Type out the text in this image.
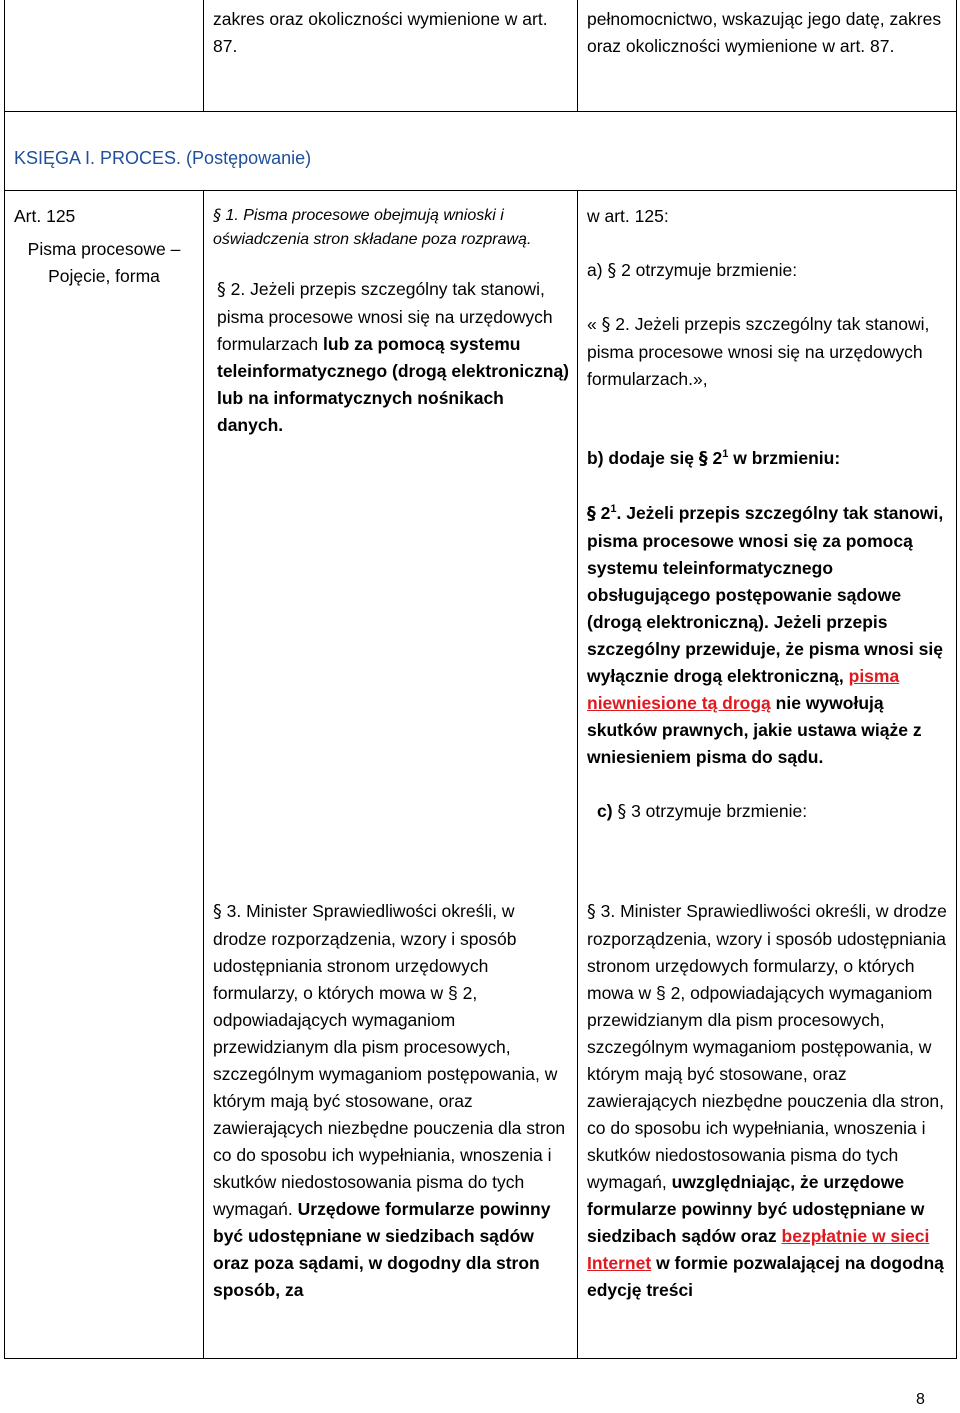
zakres oraz okoliczności wymienione w art. 87.

pełnomocnictwo, wskazując jego datę, zakres oraz okoliczności wymienione w art. 87.

KSIĘGA I. PROCES. (Postępowanie)

Art. 125

Pisma procesowe – Pojęcie, forma

§ 1. Pisma procesowe obejmują wnioski i oświadczenia stron składane poza rozprawą.

§ 2. Jeżeli przepis szczególny tak stanowi, pisma procesowe wnosi się na urzędowych formularzach lub za pomocą systemu teleinformatycznego (drogą elektroniczną) lub na informatycznych nośnikach danych.

§ 3. Minister Sprawiedliwości określi, w drodze rozporządzenia, wzory i sposób udostępniania stronom urzędowych formularzy, o których mowa w § 2, odpowiadających wymaganiom przewidzianym dla pism procesowych, szczególnym wymaganiom postępowania, w którym mają być stosowane, oraz zawierających niezbędne pouczenia dla stron co do sposobu ich wypełniania, wnoszenia i skutków niedostosowania pisma do tych wymagań. Urzędowe formularze powinny być udostępniane w siedzibach sądów oraz poza sądami, w dogodny dla stron sposób, za

w art. 125:

a) § 2 otrzymuje brzmienie:

« § 2. Jeżeli przepis szczególny tak stanowi, pisma procesowe wnosi się na urzędowych formularzach.»,

b) dodaje się § $2^1$ w brzmieniu:

§ $2^1$. Jeżeli przepis szczególny tak stanowi, pisma procesowe wnosi się za pomocą systemu teleinformatycznego obsługującego postępowanie sądowe (drogą elektroniczną). Jeżeli przepis szczególny przewiduje, że pisma wnosi się wyłącznie drogą elektroniczną, pisma niewniesione tą drogą nie wywołują skutków prawnych, jakie ustawa wiąże z wniesieniem pisma do sądu.

c) § 3 otrzymuje brzmienie:

§ 3. Minister Sprawiedliwości określi, w drodze rozporządzenia, wzory i sposób udostępniania stronom urzędowych formularzy, o których mowa w § 2, odpowiadających wymaganiom przewidzianym dla pism procesowych, szczególnym wymaganiom postępowania, w którym mają być stosowane, oraz zawierających niezbędne pouczenia dla stron, co do sposobu ich wypełniania, wnoszenia i skutków niedostosowania pisma do tych wymagań, uwzględniając, że urzędowe formularze powinny być udostępniane w siedzibach sądów oraz bezpłatnie w sieci Internet w formie pozwalającej na dogodną edycję treści

8
